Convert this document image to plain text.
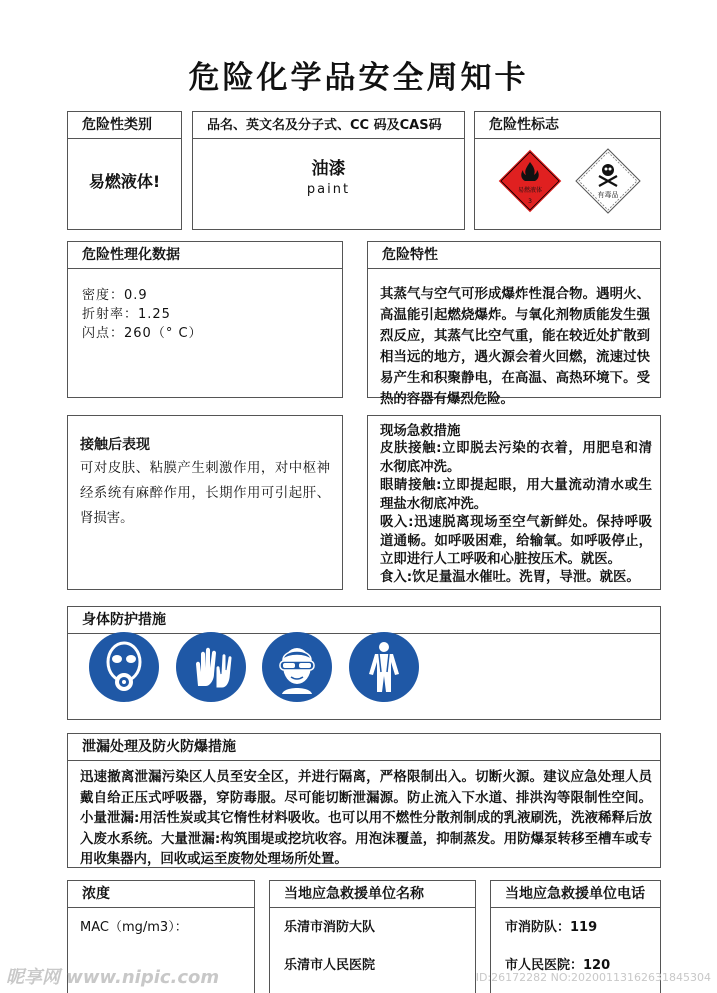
危险化学品安全周知卡
危险性类别
易燃液体!
品名、英文名及分子式、CC 码及CAS码
油漆
paint
危险性标志
易燃液体
3
有毒品
危险性理化数据
密度：0.9
折射率：1.25
闪点：260（° C）
危险特性
其蒸气与空气可形成爆炸性混合物。遇明火、高温能引起燃烧爆炸。与氧化剂物质能发生强烈反应，其蒸气比空气重，能在较近处扩散到相当远的地方，遇火源会着火回燃，流速过快易产生和积聚静电，在高温、高热环境下。受热的容器有爆烈危险。
接触后表现
可对皮肤、粘膜产生刺激作用，对中枢神经系统有麻醉作用，长期作用可引起肝、肾损害。
现场急救措施
皮肤接触:立即脱去污染的衣着，用肥皂和清水彻底冲洗。
眼睛接触:立即提起眼，用大量流动清水或生理盐水彻底冲洗。
吸入:迅速脱离现场至空气新鲜处。保持呼吸道通畅。如呼吸困难，给输氧。如呼吸停止，立即进行人工呼吸和心脏按压术。就医。
食入:饮足量温水催吐。洗胃，导泄。就医。
身体防护措施
泄漏处理及防火防爆措施
迅速撤离泄漏污染区人员至安全区，并进行隔离，严格限制出入。切断火源。建议应急处理人员戴自给正压式呼吸器，穿防毒服。尽可能切断泄漏源。防止流入下水道、排洪沟等限制性空间。小量泄漏:用活性炭或其它惰性材料吸收。也可以用不燃性分散剂制成的乳液刷洗，洗液稀释后放入废水系统。大量泄漏:构筑围堤或挖坑收容。用泡沫覆盖，抑制蒸发。用防爆泵转移至槽车或专用收集器内，回收或运至废物处理场所处置。
浓度
MAC（mg/m3）：
当地应急救援单位名称
乐清市消防大队
乐清市人民医院
当地应急救援单位电话
市消防队：119
市人民医院：120
昵享网 www.nipic.com	ID:26172282 NO:20200113162631845304
